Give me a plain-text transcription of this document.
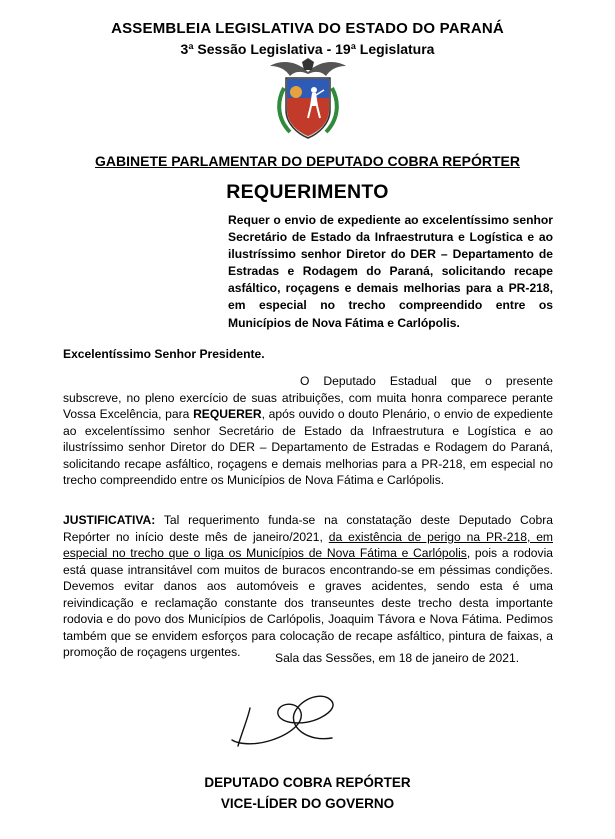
ASSEMBLEIA LEGISLATIVA DO ESTADO DO PARANÁ
3ª Sessão Legislativa - 19ª Legislatura
GABINETE PARLAMENTAR DO DEPUTADO COBRA REPÓRTER
REQUERIMENTO
Requer o envio de expediente ao excelentíssimo senhor Secretário de Estado da Infraestrutura e Logística e ao ilustríssimo senhor Diretor do DER – Departamento de Estradas e Rodagem do Paraná, solicitando recape asfáltico, roçagens e demais melhorias para a PR-218, em especial no trecho compreendido entre os Municípios de Nova Fátima e Carlópolis.
Excelentíssimo Senhor Presidente.
O Deputado Estadual que o presente subscreve, no pleno exercício de suas atribuições, com muita honra comparece perante Vossa Excelência, para REQUERER, após ouvido o douto Plenário, o envio de expediente ao excelentíssimo senhor Secretário de Estado da Infraestrutura e Logística e ao ilustríssimo senhor Diretor do DER – Departamento de Estradas e Rodagem do Paraná, solicitando recape asfáltico, roçagens e demais melhorias para a PR-218, em especial no trecho compreendido entre os Municípios de Nova Fátima e Carlópolis.
JUSTIFICATIVA: Tal requerimento funda-se na constatação deste Deputado Cobra Repórter no início deste mês de janeiro/2021, da existência de perigo na PR-218, em especial no trecho que o liga os Municípios de Nova Fátima e Carlópolis, pois a rodovia está quase intransitável com muitos de buracos encontrando-se em péssimas condições. Devemos evitar danos aos automóveis e graves acidentes, sendo esta é uma reivindicação e reclamação constante dos transeuntes deste trecho desta importante rodovia e do povo dos Municípios de Carlópolis, Joaquim Távora e Nova Fátima. Pedimos também que se envidem esforços para colocação de recape asfáltico, pintura de faixas, a promoção de roçagens urgentes.	Sala das Sessões, em 18 de janeiro de 2021.
DEPUTADO COBRA REPÓRTER
VICE-LÍDER DO GOVERNO
